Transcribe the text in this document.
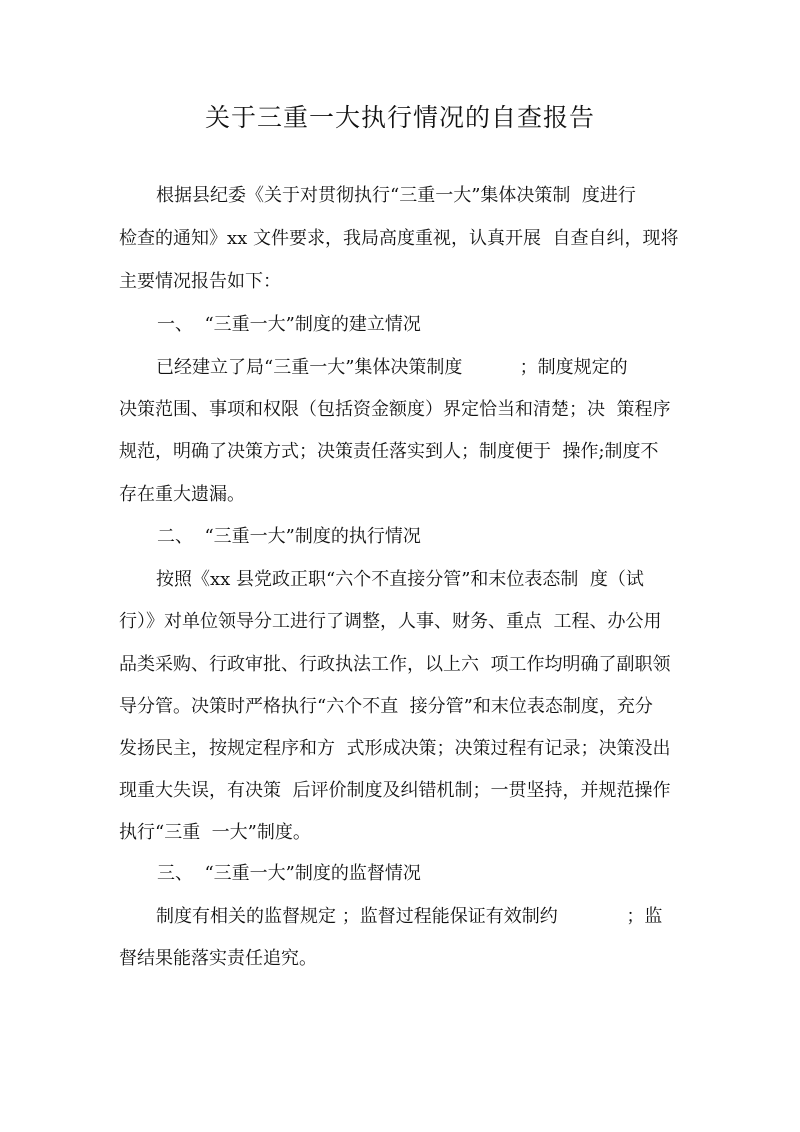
关于三重一大执行情况的自查报告

根据县纪委《关于对贯彻执行“三重一大”集体决策制  度进行

检查的通知》xx 文件要求，我局高度重视，认真开展  自查自纠，现将

主要情况报告如下：

一、  “三重一大”制度的建立情况

已经建立了局“三重一大”集体决策制度          ；制度规定的

决策范围、事项和权限（包括资金额度）界定恰当和清楚；决  策程序

规范，明确了决策方式；决策责任落实到人；制度便于  操作;制度不

存在重大遗漏。

二、  “三重一大”制度的执行情况

按照《xx 县党政正职“六个不直接分管”和末位表态制  度（试

行）》对单位领导分工进行了调整，人事、财务、重点  工程、办公用

品类采购、行政审批、行政执法工作，以上六  项工作均明确了副职领

导分管。决策时严格执行“六个不直  接分管”和末位表态制度，充分

发扬民主，按规定程序和方  式形成决策；决策过程有记录；决策没出

现重大失误，有决策  后评价制度及纠错机制；一贯坚持，并规范操作

执行“三重  一大”制度。

三、  “三重一大”制度的监督情况

制度有相关的监督规定 ；监督过程能保证有效制约            ；监

督结果能落实责任追究。
